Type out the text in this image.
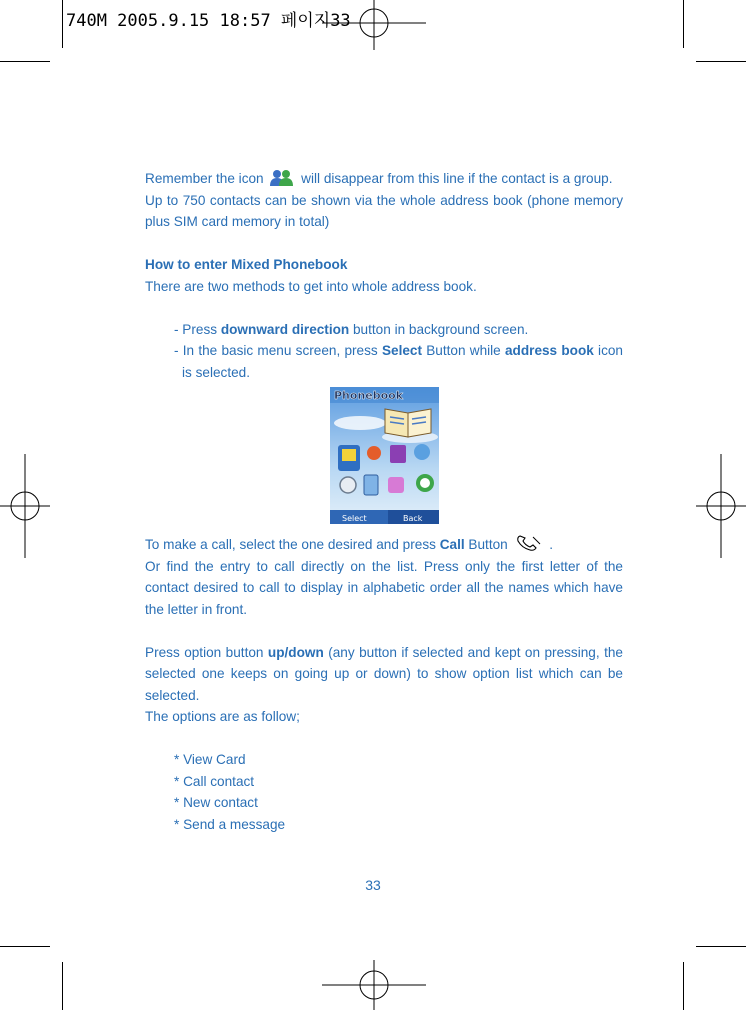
740M 2005.9.15 18:57 페이지33

Remember the icon  will disappear from this line if the contact is a group.

Up to 750 contacts can be shown via the whole address book (phone memory plus SIM card memory in total)

How to enter Mixed Phonebook

There are two methods to get into whole address book.

- Press downward direction button in background screen.

- In the basic menu screen, press Select Button while address book icon is selected.

Phonebook
Select	Back

To make a call, select the one desired and press Call Button	.

Or find the entry to call directly on the list. Press only the first letter of the contact desired to call to display in alphabetic order all the names which have the letter in front.

Press option button up/down (any button if selected and kept on pressing, the selected one keeps on going up or down) to show option list which can be selected.

The options are as follow;

* View Card

* Call contact

* New contact

* Send a message

33
